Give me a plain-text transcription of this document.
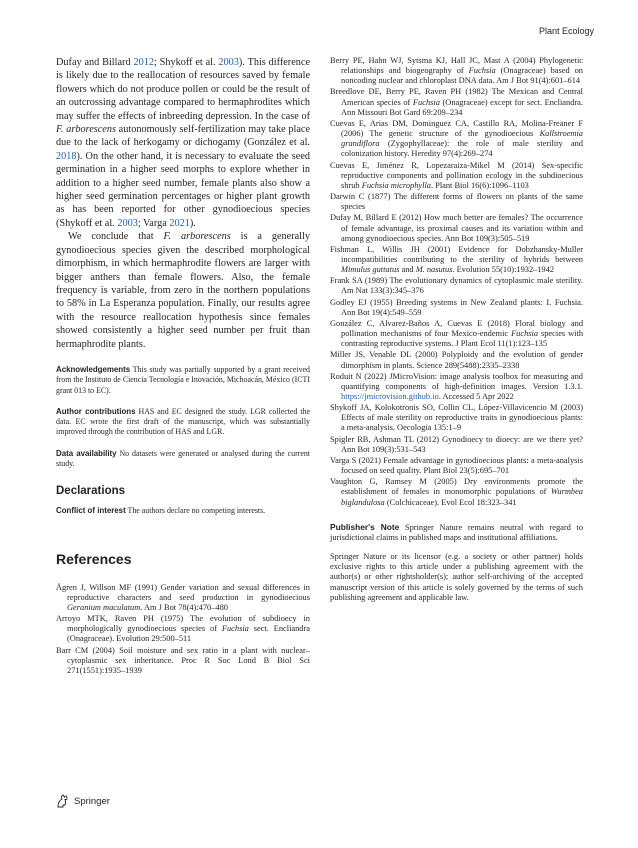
Plant Ecology

Dufay and Billard 2012; Shykoff et al. 2003). This difference is likely due to the reallocation of resources saved by female flowers which do not produce pollen or could be the result of an outcrossing advantage compared to hermaphrodites which may suffer the effects of inbreeding depression. In the case of F. arborescens autonomously self-fertilization may take place due to the lack of herkogamy or dichogamy (González et al. 2018). On the other hand, it is necessary to evaluate the seed germination in a higher seed morphs to explore whether in addition to a higher seed number, female plants also show a higher seed germination percentages or higher plant growth as has been reported for other gynodioecious species (Shykoff et al. 2003; Varga 2021).

We conclude that F. arborescens is a generally gynodioecious species given the described morphological dimorphism, in which hermaphrodite flowers are larger with bigger anthers than female flowers. Also, the female frequency is variable, from zero in the northern populations to 58% in La Esperanza population. Finally, our results agree with the resource reallocation hypothesis since females showed consistently a higher seed number per fruit than hermaphrodite plants.

Acknowledgements This study was partially supported by a grant received from the Instituto de Ciencia Tecnología e Inovación, Michoacán, México (ICTI grant 013 to EC).

Author contributions HAS and EC designed the study. LGR collected the data. EC wrote the first draft of the manuscript, which was substantially improved through the contribution of HAS and LGR.

Data availability No datasets were generated or analysed during the current study.

Declarations

Conflict of interest The authors declare no competing interests.

References
Ågren J, Willson MF (1991) Gender variation and sexual differences in reproductive characters and seed production in gynodioecious Geranium maculatum. Am J Bot 78(4):470–480
Arroyo MTK, Raven PH (1975) The evolution of subdioecy in morphologically gynodioecious species of Fuchsia sect. Encliandra (Onagraceae). Evolution 29:500–511
Barr CM (2004) Soil moisture and sex ratio in a plant with nuclear–cytoplasmic sex inheritance. Proc R Soc Lond B Biol Sci 271(1551):1935–1939
Berry PE, Hahn WJ, Sytsma KJ, Hall JC, Mast A (2004) Phylogenetic relationships and biogeography of Fuchsia (Onagraceae) based on noncoding nuclear and chloroplast DNA data. Am J Bot 91(4):601–614
Breedlove DE, Berry PE, Raven PH (1982) The Mexican and Central American species of Fuchsia (Onagraceae) except for sect. Encliandra. Ann Missouri Bot Gard 69:209–234
Cuevas E, Arias DM, Dominguez CA, Castillo RA, Molina-Freaner F (2006) The genetic structure of the gynodioecious Kallstroemia grandiflora (Zygophyllaceae): the role of male sterility and colonization history. Heredity 97(4):269–274
Cuevas E, Jiménez R, Lopezaraiza-Mikel M (2014) Sex-specific reproductive components and pollination ecology in the subdioecious shrub Fuchsia microphylla. Plant Biol 16(6):1096–1103
Darwin C (1877) The different forms of flowers on plants of the same species
Dufay M, Billard E (2012) How much better are females? The occurrence of female advantage, its proximal causes and its variation within and among gynodioecious species. Ann Bot 109(3):505–519
Fishman L, Willis JH (2001) Evidence for Dobzhansky-Muller incompatibilities contributing to the sterility of hybrids between Mimulus guttatus and M. nasutus. Evolution 55(10):1932–1942
Frank SA (1989) The evolutionary dynamics of cytoplasmic male sterility. Am Nat 133(3):345–376
Godley EJ (1955) Breeding systems in New Zealand plants: I. Fuchsia. Ann Bot 19(4):549–559
González C, Alvarez-Baños A, Cuevas E (2018) Floral biology and pollination mechanisms of four Mexico-endemic Fuchsia species with contrasting reproductive systems. J Plant Ecol 11(1):123–135
Miller JS, Venable DL (2000) Polyploidy and the evolution of gender dimorphism in plants. Science 289(5488):2335–2338
Roduit N (2022) JMicroVision: image analysis toolbox for measuring and quantifying components of high-definition images. Version 1.3.1. https://jmicrovision.github.io. Accessed 5 Apr 2022
Shykoff JA, Kolokotronis SO, Collin CL, López-Villavicencio M (2003) Effects of male sterility on reproductive traits in gynodioecious plants: a meta-analysis. Oecologia 135:1–9
Spigler RB, Ashman TL (2012) Gynodioecy to dioecy: are we there yet? Ann Bot 109(3):531–543
Varga S (2021) Female advantage in gynodioecious plants: a meta-analysis focused on seed quality. Plant Biol 23(5):695–701
Vaughton G, Ramsey M (2005) Dry environments promote the establishment of females in monomorphic populations of Wurmbea biglandulosa (Colchicaceae). Evol Ecol 18:323–341

Publisher's Note Springer Nature remains neutral with regard to jurisdictional claims in published maps and institutional affiliations.

Springer Nature or its licensor (e.g. a society or other partner) holds exclusive rights to this article under a publishing agreement with the author(s) or other rightsholder(s); author self-archiving of the accepted manuscript version of this article is solely governed by the terms of such publishing agreement and applicable law.

Springer
